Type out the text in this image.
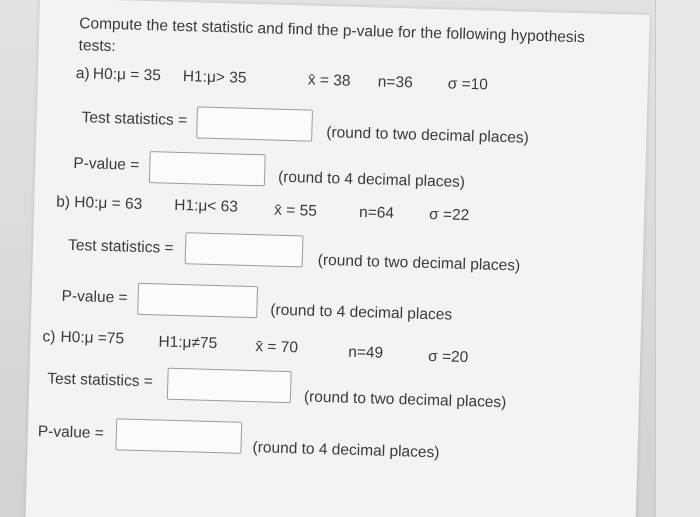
Compute the test statistic and find the p-value for the following hypothesis tests:
a) H0:μ = 35 H1:μ> 35	x̄ = 38 n=36 σ =10
Test statistics =
(round to two decimal places)
P-value =
(round to 4 decimal places)
b) H0:μ = 63 H1:μ< 63 x̄ = 55	n=64 σ =22
Test statistics =
(round to two decimal places)
P-value =
(round to 4 decimal places
c) H0:μ =75 H1:μ≠75 x̄ = 70	n=49	σ =20
Test statistics =
(round to two decimal places)
P-value =
(round to 4 decimal places)
